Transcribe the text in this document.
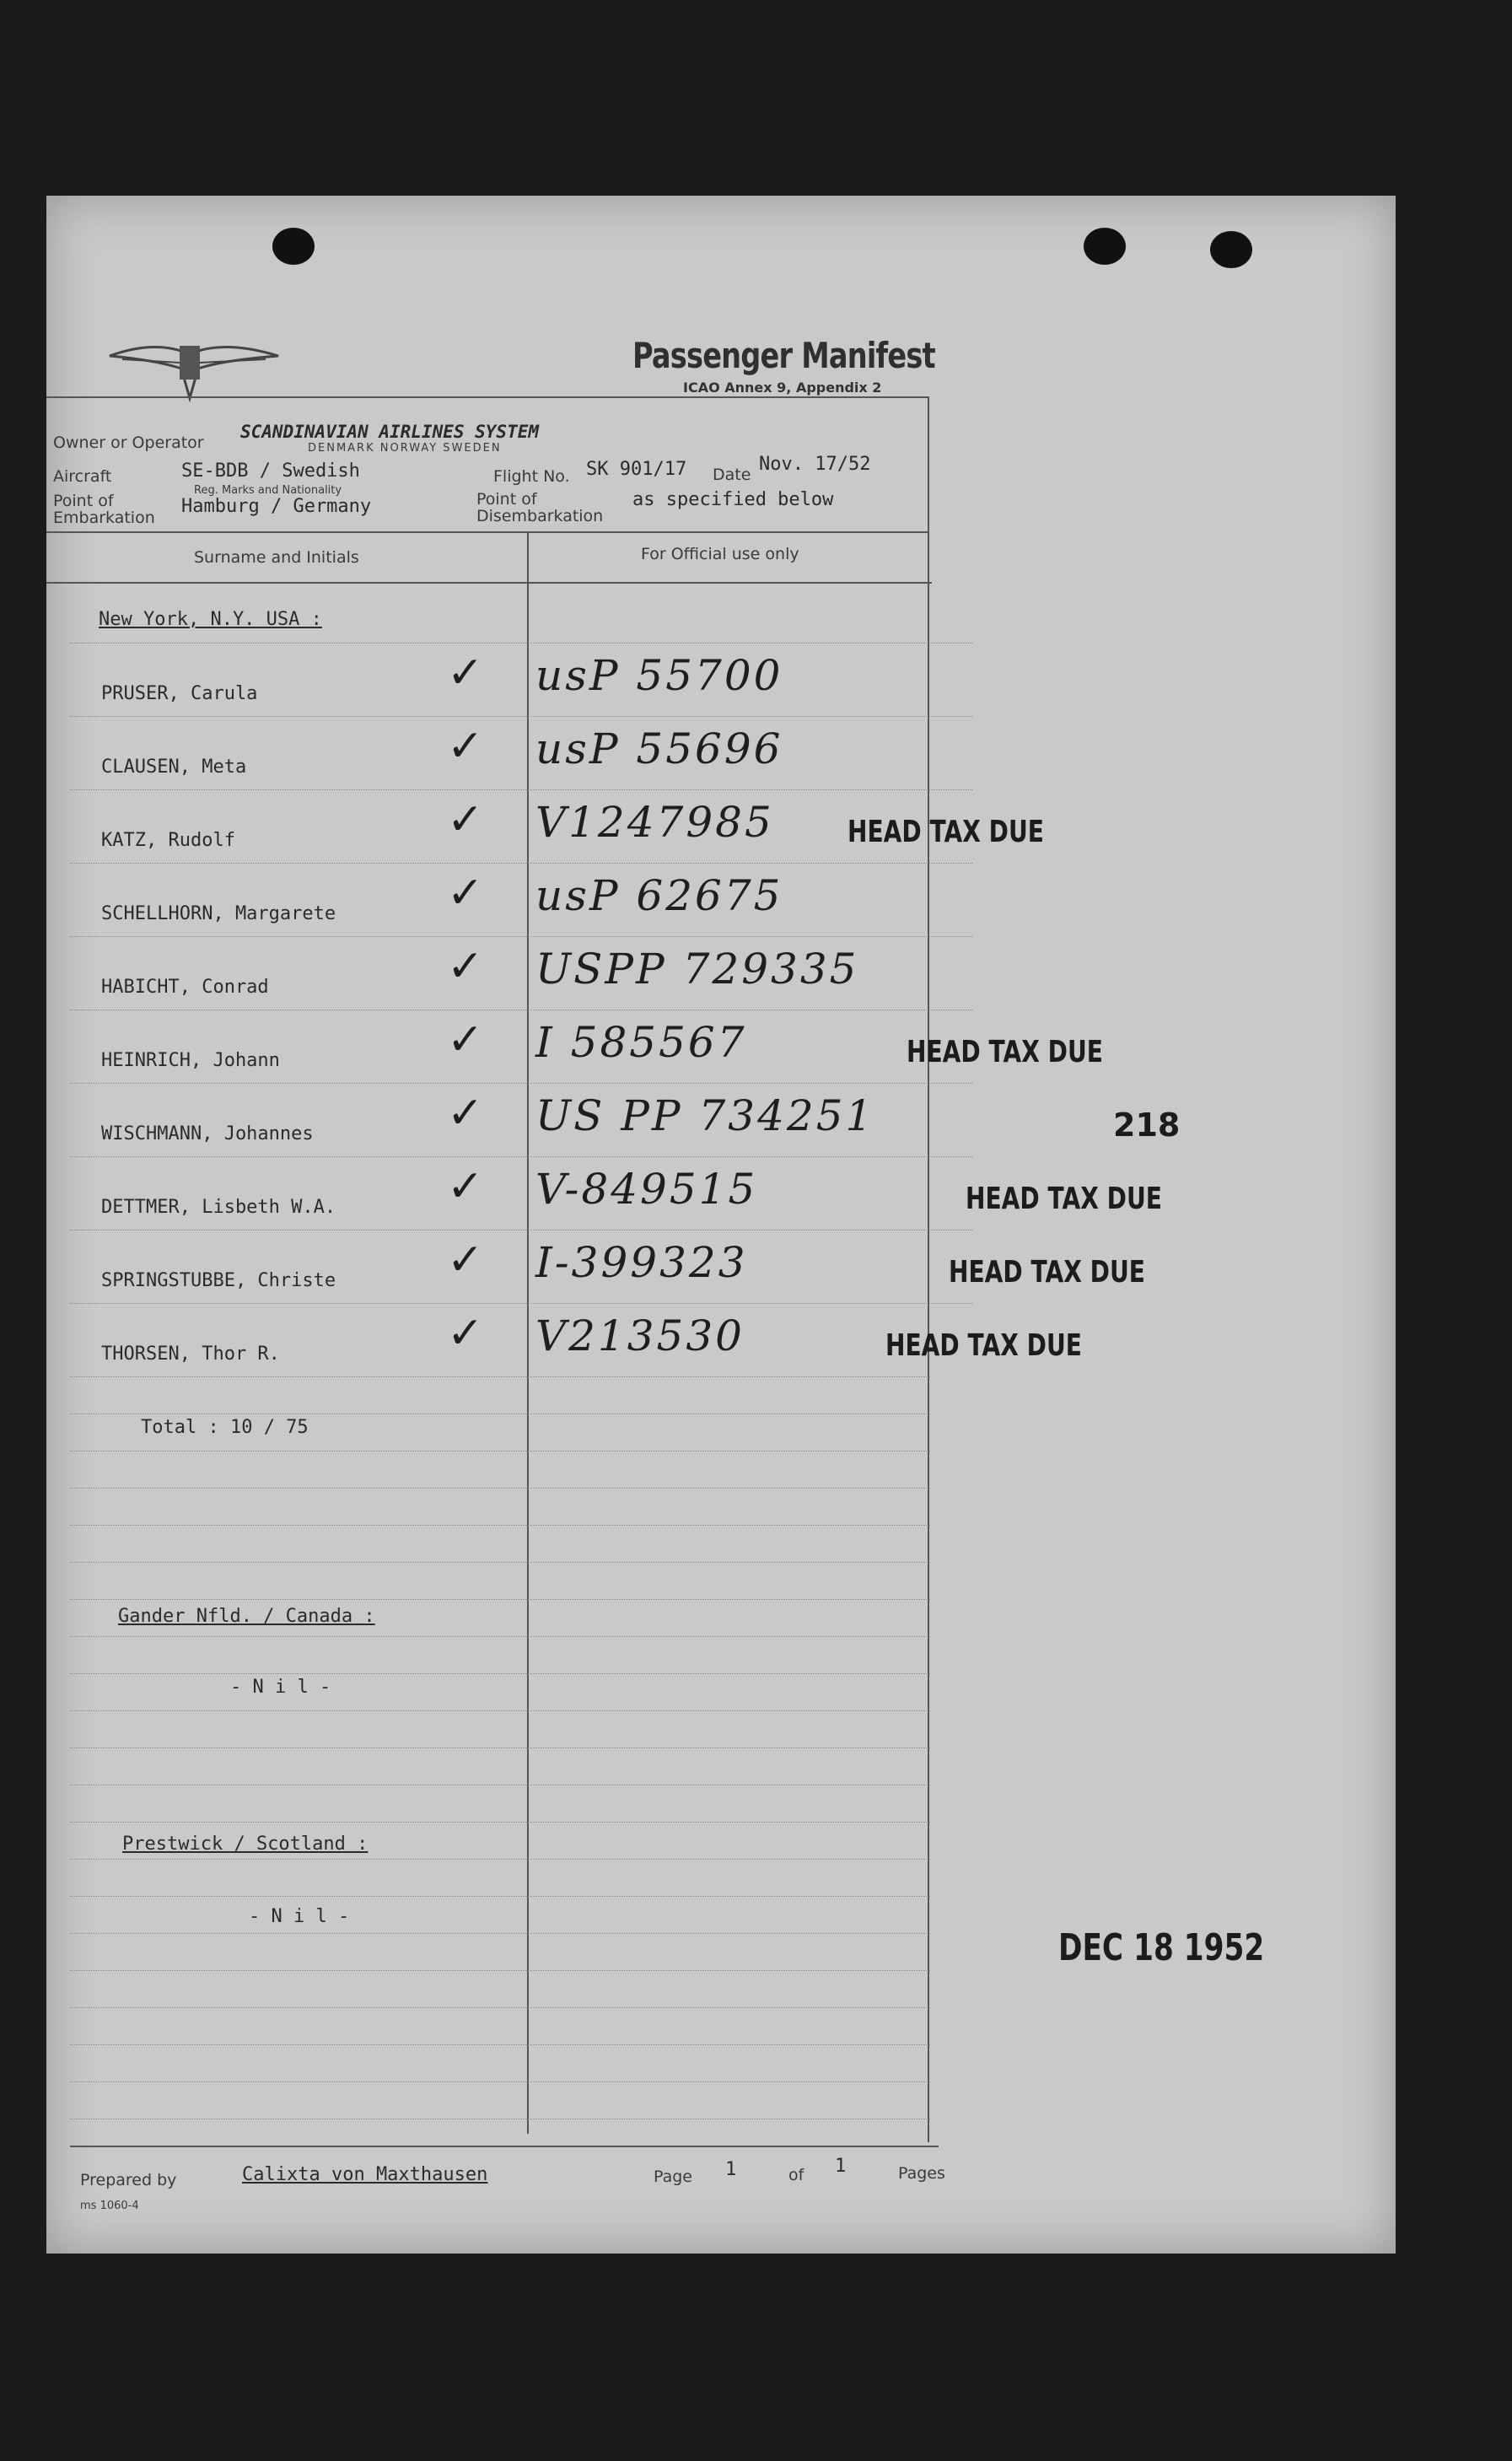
Passenger Manifest
ICAO Annex 9, Appendix 2
Owner or Operator
SCANDINAVIAN AIRLINES SYSTEM
DENMARK NORWAY SWEDEN
Aircraft	SE-BDB / Swedish
Reg. Marks and Nationality
Flight No. SK 901/17 Date Nov. 17/52
Point of Embarkation
Hamburg / Germany	Point of Disembarkation
as specified below
Surname and Initials	For Official use only
New York, N.Y. USA :
PRUSER, Carula	✓ usP 55700
CLAUSEN, Meta	✓ usP 55696
KATZ, Rudolf	✓ V1247985 HEAD TAX DUE
SCHELLHORN, Margarete	✓ usP 62675
HABICHT, Conrad	✓ USPP 729335
HEINRICH, Johann	✓ I 585567	HEAD TAX DUE
WISCHMANN, Johannes	✓ US PP 734251
DETTMER, Lisbeth W.A.	✓ V-849515	HEAD TAX DUE
SPRINGSTUBBE, Christe	✓ I-399323	HEAD TAX DUE
THORSEN, Thor R.	✓ V213530	HEAD TAX DUE
Total : 10 / 75
Gander Nfld. / Canada :
- N i l -
Prestwick / Scotland :
- N i l -
218
DEC 18 1952
Prepared by	Calixta von Maxthausen	Page 1	of 1	Pages
ms 1060-4
